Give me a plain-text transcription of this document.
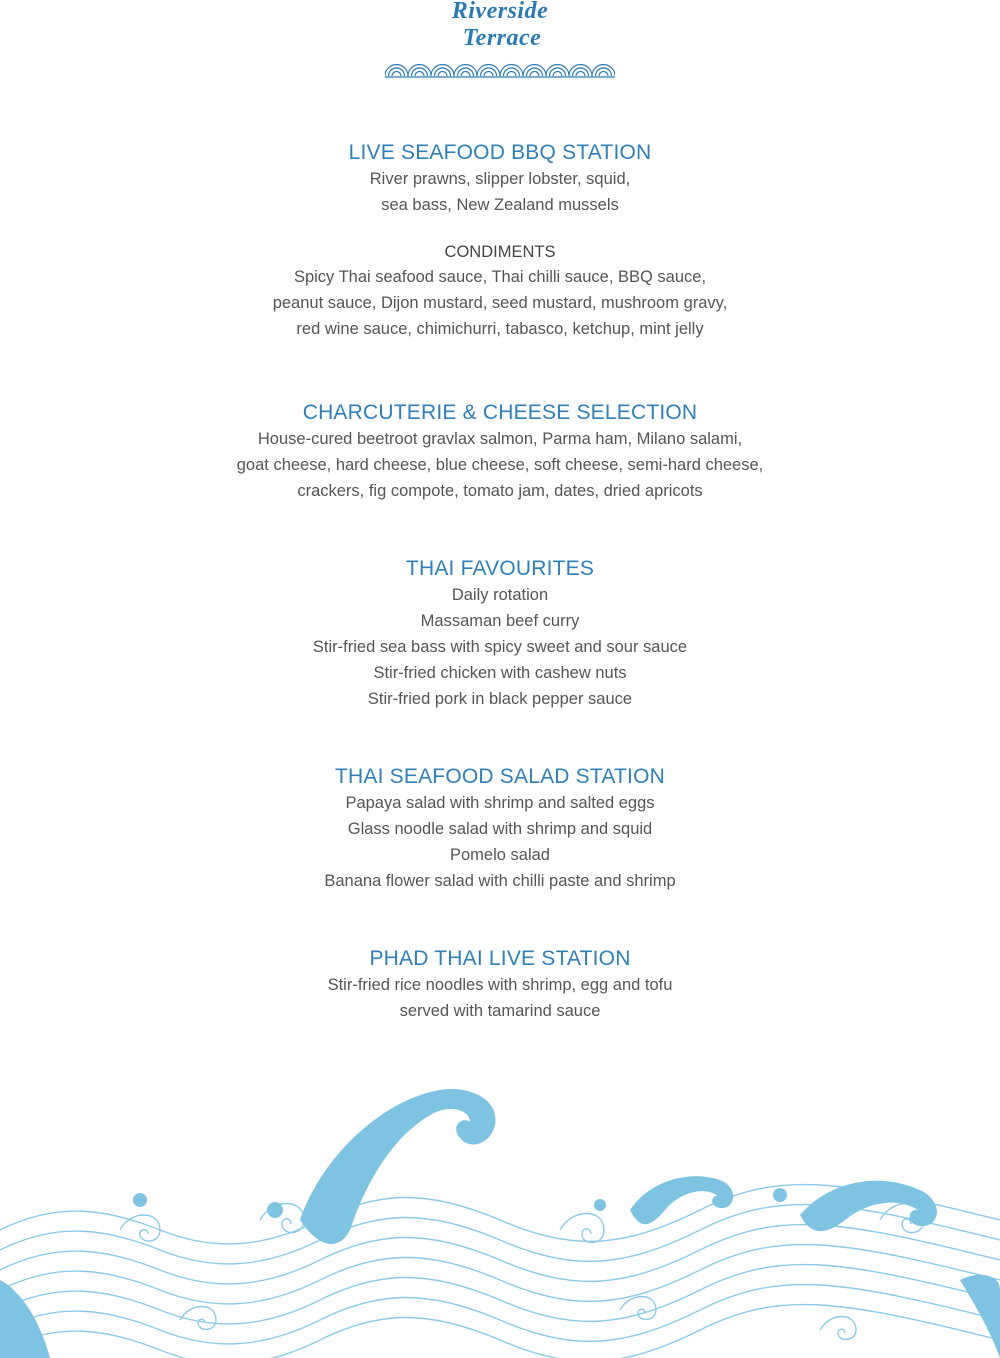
Riverside
Terrace
LIVE SEAFOOD BBQ STATION
River prawns, slipper lobster, squid,
sea bass, New Zealand mussels
CONDIMENTS
Spicy Thai seafood sauce, Thai chilli sauce, BBQ sauce,
peanut sauce, Dijon mustard, seed mustard, mushroom gravy,
red wine sauce, chimichurri, tabasco, ketchup, mint jelly
CHARCUTERIE & CHEESE SELECTION
House-cured beetroot gravlax salmon, Parma ham, Milano salami,
goat cheese, hard cheese, blue cheese, soft cheese, semi-hard cheese,
crackers, fig compote, tomato jam, dates, dried apricots
THAI FAVOURITES
Daily rotation
Massaman beef curry
Stir-fried sea bass with spicy sweet and sour sauce
Stir-fried chicken with cashew nuts
Stir-fried pork in black pepper sauce
THAI SEAFOOD SALAD STATION
Papaya salad with shrimp and salted eggs
Glass noodle salad with shrimp and squid
Pomelo salad
Banana flower salad with chilli paste and shrimp
PHAD THAI LIVE STATION
Stir-fried rice noodles with shrimp, egg and tofu
served with tamarind sauce
